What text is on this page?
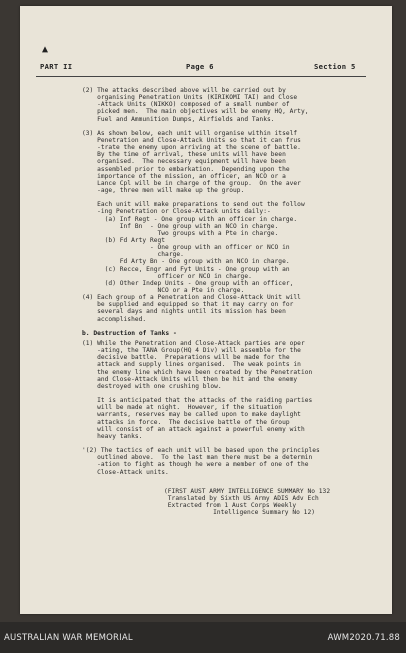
▲
PART II	Page 6	Section 5
(2) The attacks described above will be carried out by
organising Penetration Units (KIRIKOMI TAI) and Close
-Attack Units (NIKKO) composed of a small number of
picked men.  The main objectives will be enemy HQ, Arty,
Fuel and Ammunition Dumps, Airfields and Tanks.
(3) As shown below, each unit will organise within itself
Penetration and Close-Attack Units so that it can frus
-trate the enemy upon arriving at the scene of battle.
By the time of arrival, these units will have been
organised.  The necessary equipment will have been
assembled prior to embarkation.  Depending upon the
importance of the mission, an officer, an NCO or a
Lance Cpl will be in charge of the group.  On the aver
-age, three men will make up the group.
Each unit will make preparations to send out the follow
-ing Penetration or Close-Attack units daily:-
(a) Inf Regt - One group with an officer in charge.
Inf Bn  - One group with an NCO in charge.
Two groups with a Pte in charge.
(b) Fd Arty Regt
- One group with an officer or NCO in
charge.
Fd Arty Bn - One group with an NCO in charge.
(c) Recce, Engr and Fyt Units - One group with an
officer or NCO in charge.
(d) Other Indep Units - One group with an officer,
NCO or a Pte in charge.
(4) Each group of a Penetration and Close-Attack Unit will
be supplied and equipped so that it may carry on for
several days and nights until its mission has been
accomplished.
b. Destruction of Tanks -
(1) While the Penetration and Close-Attack parties are oper
-ating, the TANA Group(HQ 4 Div) will assemble for the
decisive battle.  Preparations will be made for the
attack and supply lines organised.  The weak points in
the enemy line which have been created by the Penetration
and Close-Attack Units will then be hit and the enemy
destroyed with one crushing blow.
It is anticipated that the attacks of the raiding parties
will be made at night.  However, if the situation
warrants, reserves may be called upon to make daylight
attacks in force.  The decisive battle of the Group
will consist of an attack against a powerful enemy with
heavy tanks.
'(2) The tactics of each unit will be based upon the principles
outlined above.  To the last man there must be a determin
-ation to fight as though he were a member of one of the
Close-Attack units.
(FIRST AUST ARMY INTELLIGENCE SUMMARY No 132
Translated by Sixth US Army ADIS Adv Ech
Extracted from 1 Aust Corps Weekly
Intelligence Summary No 12)
AUSTRALIAN WAR MEMORIAL	AWM2020.71.88
